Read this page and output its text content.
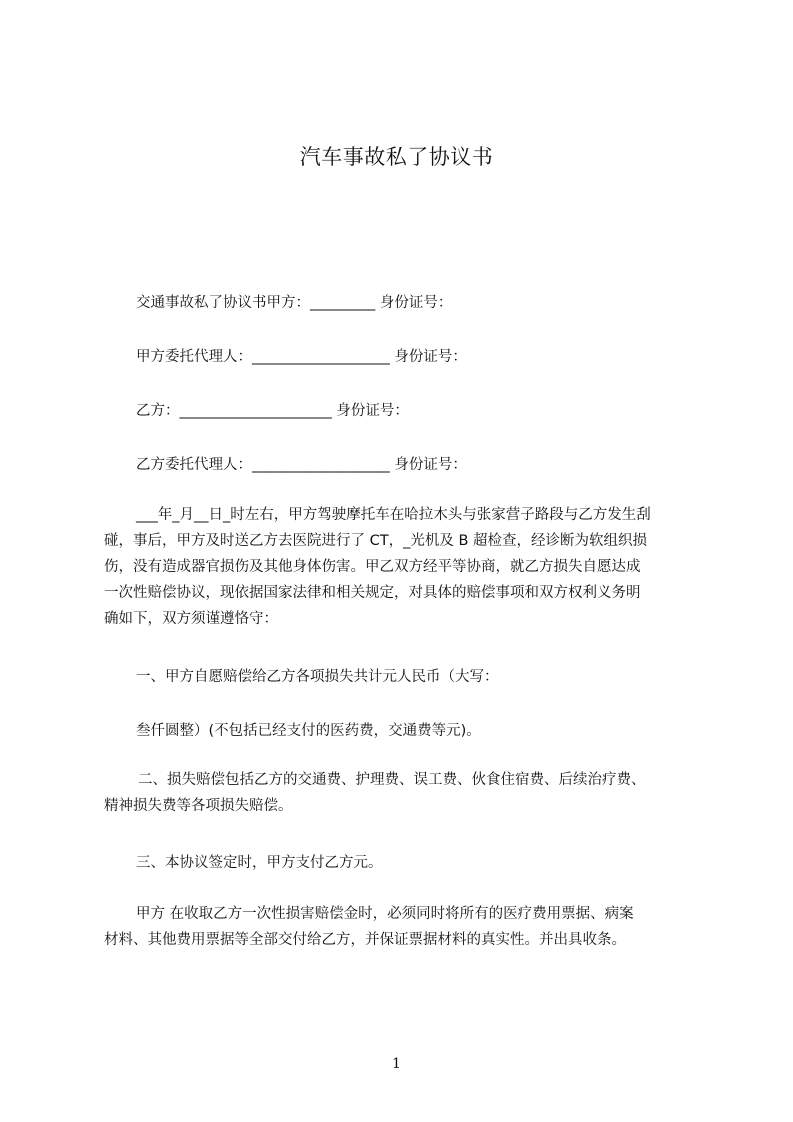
汽车事故私了协议书
交通事故私了协议书甲方：_________ 身份证号：
甲方委托代理人：___________________ 身份证号：
乙方：_____________________ 身份证号：
乙方委托代理人：___________________ 身份证号：
___年_月__日_时左右，甲方驾驶摩托车在哈拉木头与张家营子路段与乙方发生刮
碰，事后，甲方及时送乙方去医院进行了 CT，_光机及 B 超检查，经诊断为软组织损
伤，没有造成器官损伤及其他身体伤害。甲乙双方经平等协商，就乙方损失自愿达成
一次性赔偿协议，现依据国家法律和相关规定，对具体的赔偿事项和双方权利义务明
确如下，双方须谨遵恪守：
一、甲方自愿赔偿给乙方各项损失共计元人民币（大写：
叁仟圆整）(不包括已经支付的医药费，交通费等元)。
二、损失赔偿包括乙方的交通费、护理费、误工费、伙食住宿费、后续治疗费、
精神损失费等各项损失赔偿。
三、本协议签定时，甲方支付乙方元。
甲方 在收取乙方一次性损害赔偿金时，必须同时将所有的医疗费用票据、病案
材料、其他费用票据等全部交付给乙方，并保证票据材料的真实性。并出具收条。
1
